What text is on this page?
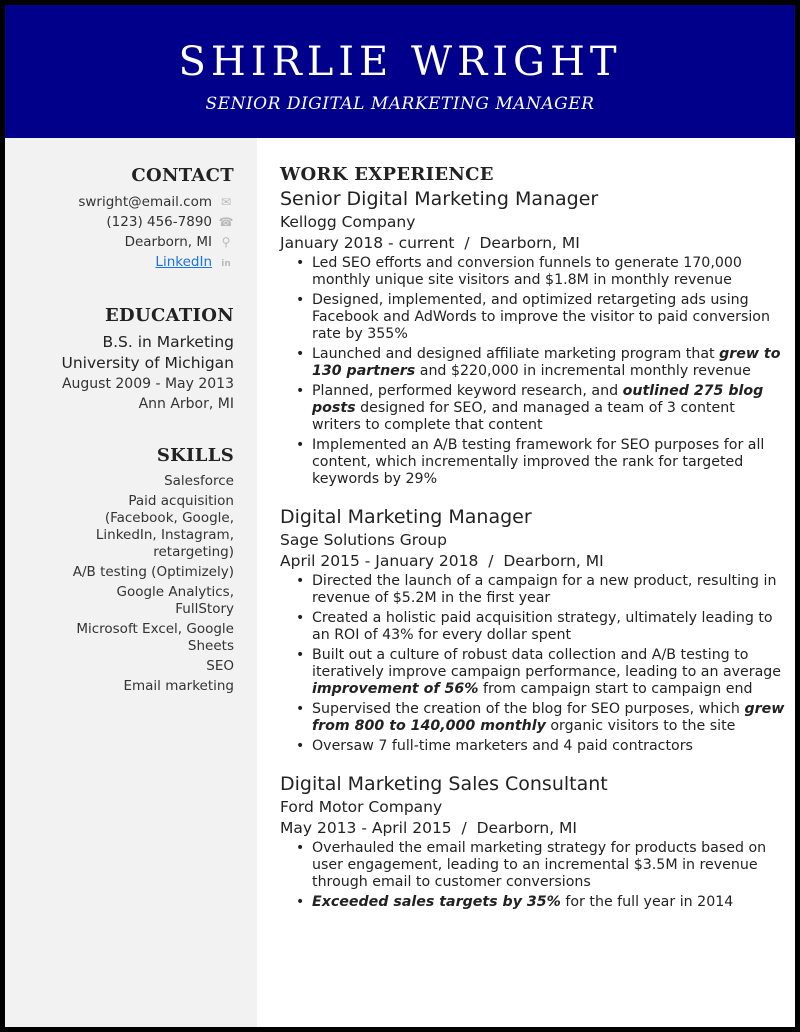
SHIRLIE WRIGHT
SENIOR DIGITAL MARKETING MANAGER
CONTACT
swright@email.com ✉
(123) 456-7890 ☎
Dearborn, MI ⚲
LinkedIn in
EDUCATION
B.S. in Marketing
University of Michigan
August 2009 - May 2013
Ann Arbor, MI
SKILLS
Salesforce
Paid acquisition (Facebook, Google, LinkedIn, Instagram, retargeting)
A/B testing (Optimizely)
Google Analytics, FullStory
Microsoft Excel, Google Sheets
SEO
Email marketing
WORK EXPERIENCE
Senior Digital Marketing Manager
Kellogg Company
January 2018 - current  /  Dearborn, MI
• Led SEO efforts and conversion funnels to generate 170,000 monthly unique site visitors and $1.8M in monthly revenue
• Designed, implemented, and optimized retargeting ads using Facebook and AdWords to improve the visitor to paid conversion rate by 355%
• Launched and designed affiliate marketing program that grew to 130 partners and $220,000 in incremental monthly revenue
• Planned, performed keyword research, and outlined 275 blog posts designed for SEO, and managed a team of 3 content writers to complete that content
• Implemented an A/B testing framework for SEO purposes for all content, which incrementally improved the rank for targeted keywords by 29%
Digital Marketing Manager
Sage Solutions Group
April 2015 - January 2018  /  Dearborn, MI
• Directed the launch of a campaign for a new product, resulting in revenue of $5.2M in the first year
• Created a holistic paid acquisition strategy, ultimately leading to an ROI of 43% for every dollar spent
• Built out a culture of robust data collection and A/B testing to iteratively improve campaign performance, leading to an average improvement of 56% from campaign start to campaign end
• Supervised the creation of the blog for SEO purposes, which grew from 800 to 140,000 monthly organic visitors to the site
• Oversaw 7 full-time marketers and 4 paid contractors
Digital Marketing Sales Consultant
Ford Motor Company
May 2013 - April 2015  /  Dearborn, MI
• Overhauled the email marketing strategy for products based on user engagement, leading to an incremental $3.5M in revenue through email to customer conversions
• Exceeded sales targets by 35% for the full year in 2014
